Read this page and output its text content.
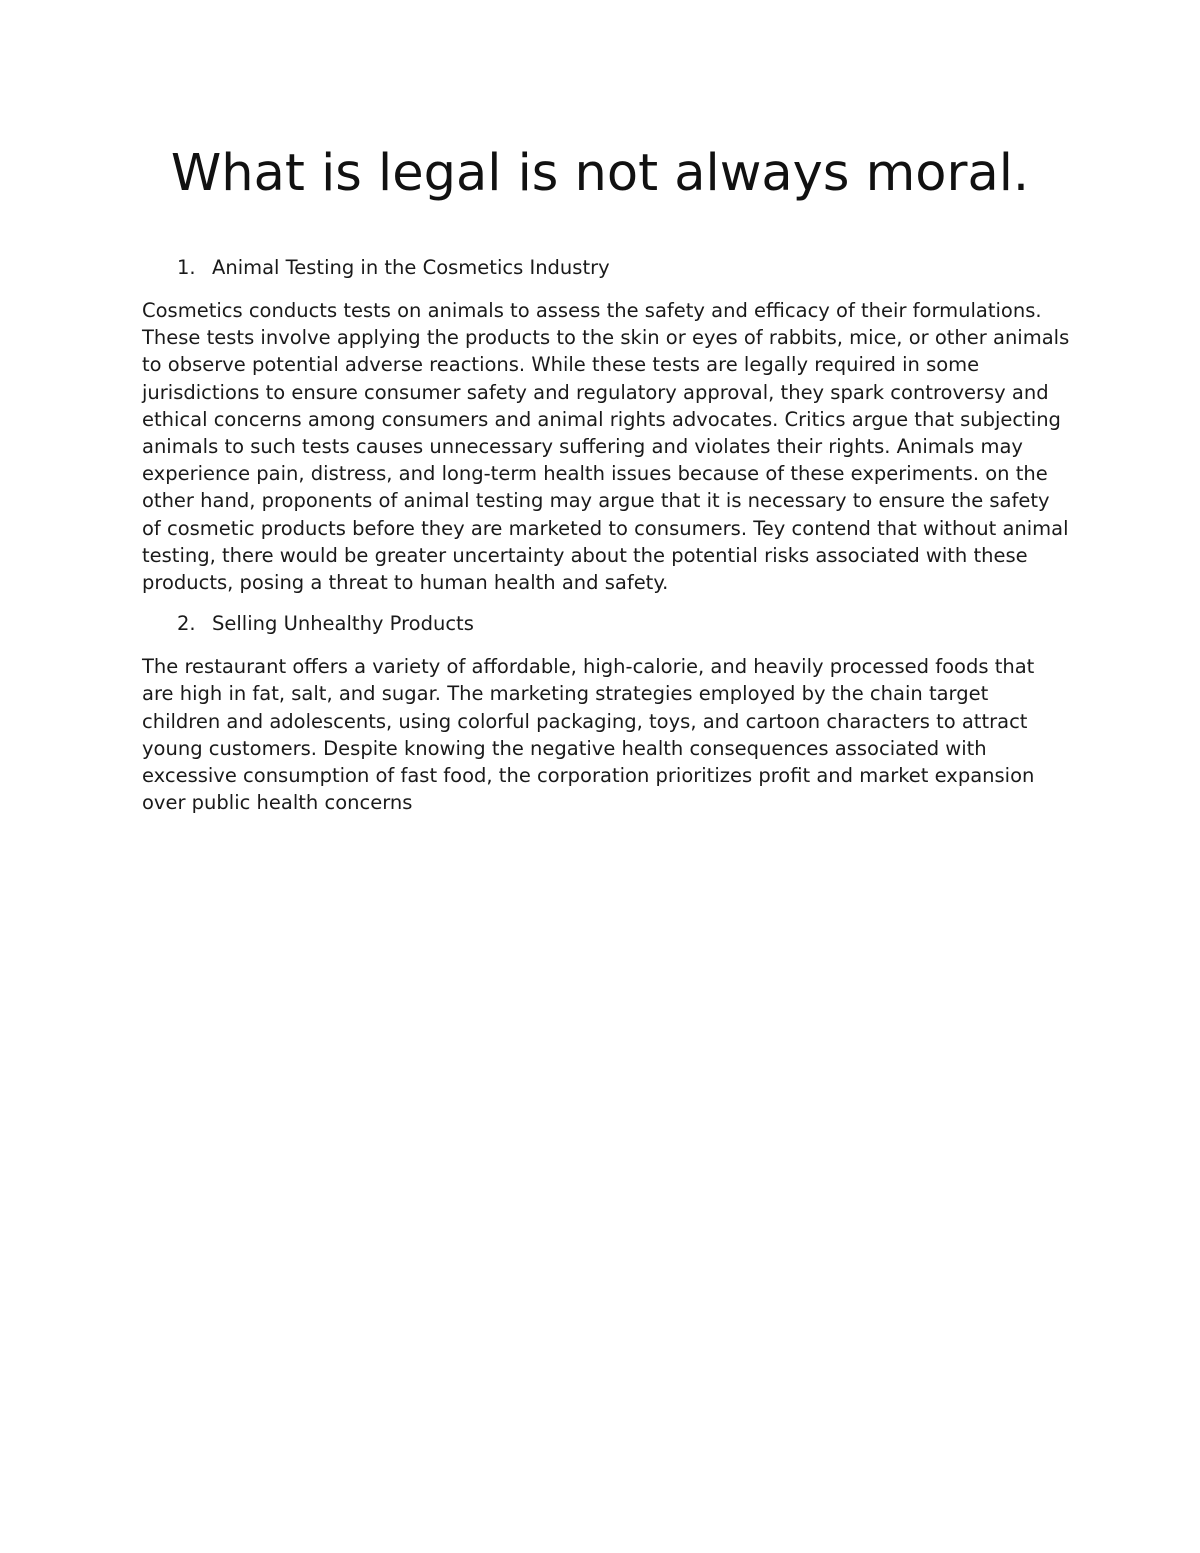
What is legal is not always moral.
1. Animal Testing in the Cosmetics Industry

Cosmetics conducts tests on animals to assess the safety and efficacy of their formulations. These tests involve applying the products to the skin or eyes of rabbits, mice, or other animals to observe potential adverse reactions. While these tests are legally required in some jurisdictions to ensure consumer safety and regulatory approval, they spark controversy and ethical concerns among consumers and animal rights advocates. Critics argue that subjecting animals to such tests causes unnecessary suffering and violates their rights. Animals may experience pain, distress, and long-term health issues because of these experiments. on the other hand, proponents of animal testing may argue that it is necessary to ensure the safety of cosmetic products before they are marketed to consumers. Tey contend that without animal testing, there would be greater uncertainty about the potential risks associated with these products, posing a threat to human health and safety.

2. Selling Unhealthy Products

The restaurant offers a variety of affordable, high-calorie, and heavily processed foods that are high in fat, salt, and sugar. The marketing strategies employed by the chain target children and adolescents, using colorful packaging, toys, and cartoon characters to attract young customers. Despite knowing the negative health consequences associated with excessive consumption of fast food, the corporation prioritizes profit and market expansion over public health concerns
